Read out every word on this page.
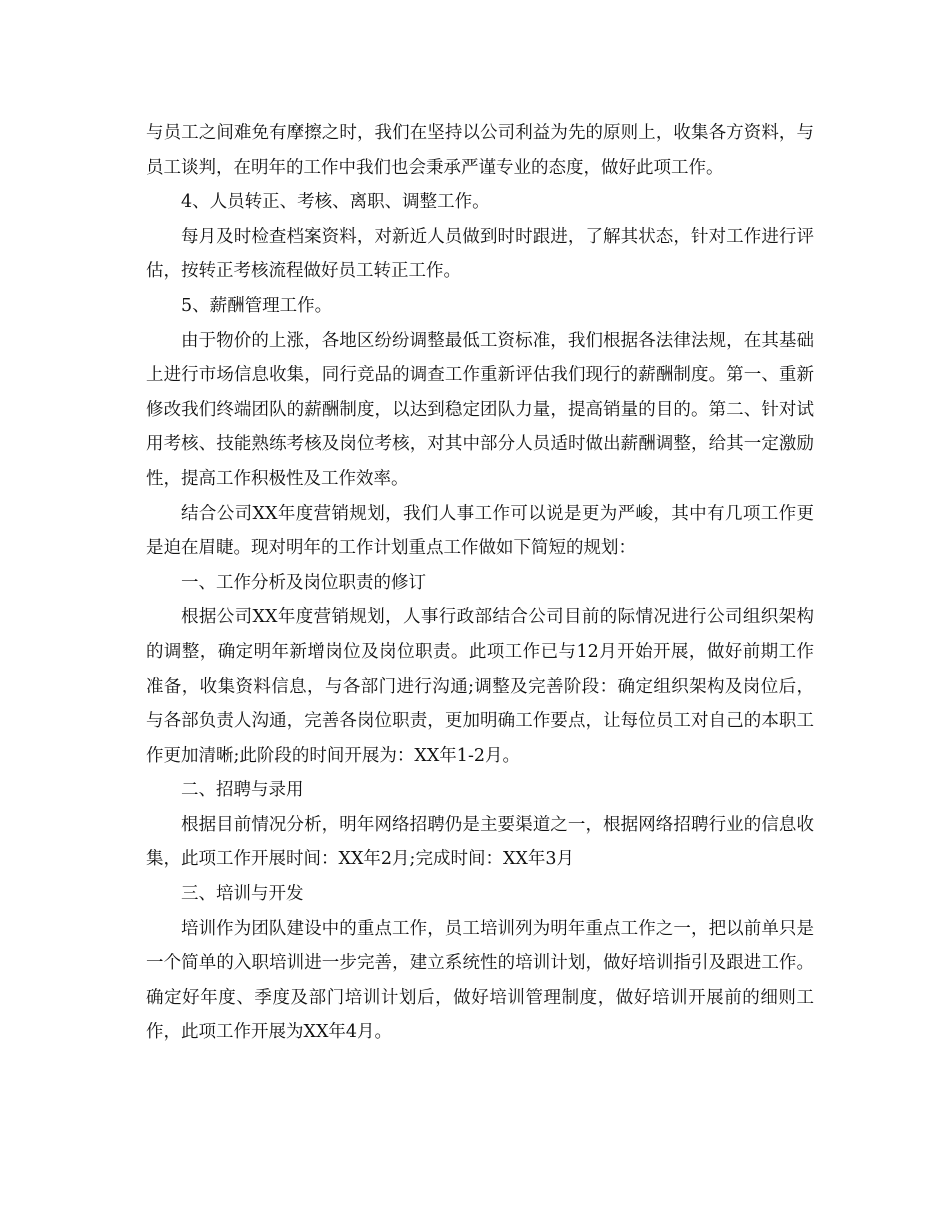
与员工之间难免有摩擦之时，我们在坚持以公司利益为先的原则上，收集各方资料，与员工谈判，在明年的工作中我们也会秉承严谨专业的态度，做好此项工作。

4、人员转正、考核、离职、调整工作。

每月及时检查档案资料，对新近人员做到时时跟进，了解其状态，针对工作进行评估，按转正考核流程做好员工转正工作。

5、薪酬管理工作。

由于物价的上涨，各地区纷纷调整最低工资标准，我们根据各法律法规，在其基础上进行市场信息收集，同行竞品的调查工作重新评估我们现行的薪酬制度。第一、重新修改我们终端团队的薪酬制度，以达到稳定团队力量，提高销量的目的。第二、针对试用考核、技能熟练考核及岗位考核，对其中部分人员适时做出薪酬调整，给其一定激励性，提高工作积极性及工作效率。

结合公司XX年度营销规划，我们人事工作可以说是更为严峻，其中有几项工作更是迫在眉睫。现对明年的工作计划重点工作做如下简短的规划：

一、工作分析及岗位职责的修订

根据公司XX年度营销规划，人事行政部结合公司目前的际情况进行公司组织架构的调整，确定明年新增岗位及岗位职责。此项工作已与12月开始开展，做好前期工作准备，收集资料信息，与各部门进行沟通;调整及完善阶段：确定组织架构及岗位后，与各部负责人沟通，完善各岗位职责，更加明确工作要点，让每位员工对自己的本职工作更加清晰;此阶段的时间开展为：XX年1-2月。

二、招聘与录用

根据目前情况分析，明年网络招聘仍是主要渠道之一，根据网络招聘行业的信息收集，此项工作开展时间：XX年2月;完成时间：XX年3月

三、培训与开发

培训作为团队建设中的重点工作，员工培训列为明年重点工作之一，把以前单只是一个简单的入职培训进一步完善，建立系统性的培训计划，做好培训指引及跟进工作。确定好年度、季度及部门培训计划后，做好培训管理制度，做好培训开展前的细则工作，此项工作开展为XX年4月。
